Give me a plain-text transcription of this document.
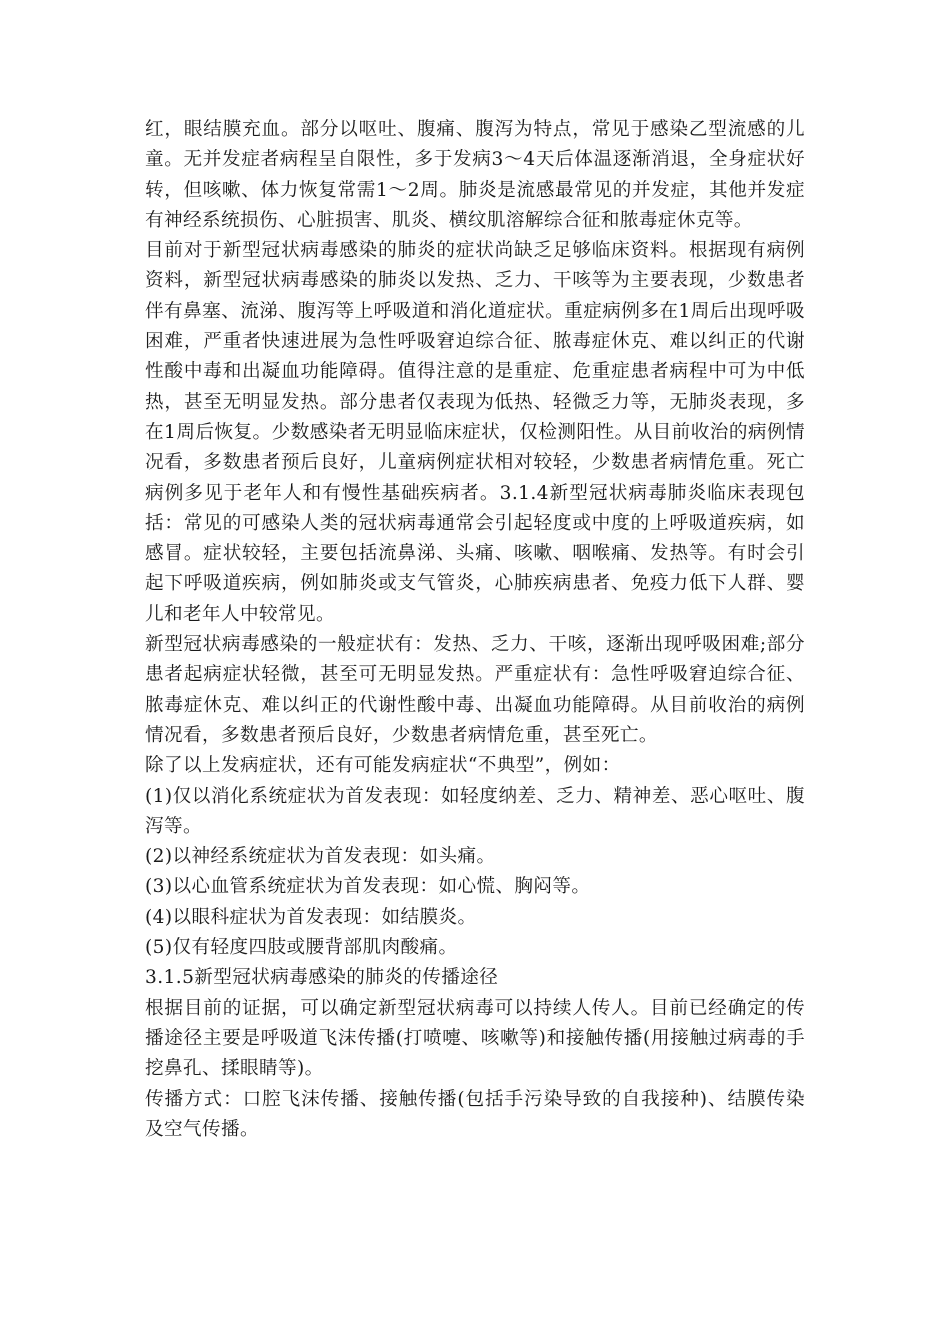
红，眼结膜充血。部分以呕吐、腹痛、腹泻为特点，常见于感染乙型流感的儿童。无并发症者病程呈自限性，多于发病3～4天后体温逐渐消退，全身症状好转，但咳嗽、体力恢复常需1～2周。肺炎是流感最常见的并发症，其他并发症有神经系统损伤、心脏损害、肌炎、横纹肌溶解综合征和脓毒症休克等。

目前对于新型冠状病毒感染的肺炎的症状尚缺乏足够临床资料。根据现有病例资料，新型冠状病毒感染的肺炎以发热、乏力、干咳等为主要表现，少数患者伴有鼻塞、流涕、腹泻等上呼吸道和消化道症状。重症病例多在1周后出现呼吸困难，严重者快速进展为急性呼吸窘迫综合征、脓毒症休克、难以纠正的代谢性酸中毒和出凝血功能障碍。值得注意的是重症、危重症患者病程中可为中低热，甚至无明显发热。部分患者仅表现为低热、轻微乏力等，无肺炎表现，多在1周后恢复。少数感染者无明显临床症状，仅检测阳性。从目前收治的病例情况看，多数患者预后良好，儿童病例症状相对较轻，少数患者病情危重。死亡病例多见于老年人和有慢性基础疾病者。3.1.4新型冠状病毒肺炎临床表现包括：常见的可感染人类的冠状病毒通常会引起轻度或中度的上呼吸道疾病，如感冒。症状较轻，主要包括流鼻涕、头痛、咳嗽、咽喉痛、发热等。有时会引起下呼吸道疾病，例如肺炎或支气管炎，心肺疾病患者、免疫力低下人群、婴儿和老年人中较常见。

新型冠状病毒感染的一般症状有：发热、乏力、干咳，逐渐出现呼吸困难;部分患者起病症状轻微，甚至可无明显发热。严重症状有：急性呼吸窘迫综合征、脓毒症休克、难以纠正的代谢性酸中毒、出凝血功能障碍。从目前收治的病例情况看，多数患者预后良好，少数患者病情危重，甚至死亡。

除了以上发病症状，还有可能发病症状“不典型”，例如：

(1)仅以消化系统症状为首发表现：如轻度纳差、乏力、精神差、恶心呕吐、腹泻等。

(2)以神经系统症状为首发表现：如头痛。

(3)以心血管系统症状为首发表现：如心慌、胸闷等。

(4)以眼科症状为首发表现：如结膜炎。

(5)仅有轻度四肢或腰背部肌肉酸痛。

3.1.5新型冠状病毒感染的肺炎的传播途径

根据目前的证据，可以确定新型冠状病毒可以持续人传人。目前已经确定的传播途径主要是呼吸道飞沫传播(打喷嚏、咳嗽等)和接触传播(用接触过病毒的手挖鼻孔、揉眼睛等)。

传播方式：口腔飞沫传播、接触传播(包括手污染导致的自我接种)、结膜传染及空气传播。
